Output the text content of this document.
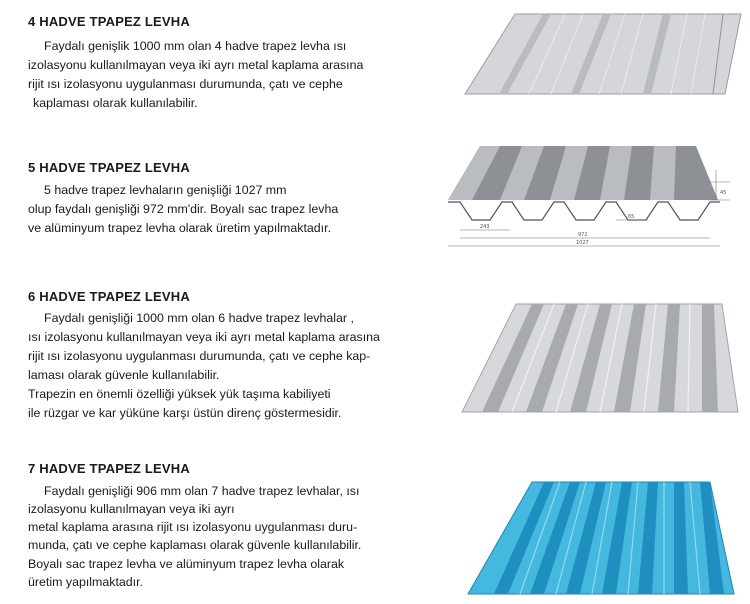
4 HADVE TPAPEZ LEVHA
Faydalı genişlik 1000 mm olan 4 hadve trapez levha ısı
izolasyonu kullanılmayan veya iki ayrı metal kaplama arasına
rijit ısı izolasyonu uygulanması durumunda, çatı ve cephe
kaplaması olarak kullanılabilir.
5 HADVE TPAPEZ LEVHA
5 hadve trapez levhaların genişliği 1027 mm
olup faydalı genişliği 972 mm'dir. Boyalı sac trapez levha
ve alüminyum trapez levha olarak üretim yapılmaktadır.
6 HADVE TPAPEZ LEVHA
Faydalı genişliği 1000 mm olan 6 hadve trapez levhalar ,
ısı izolasyonu kullanılmayan veya iki ayrı metal kaplama arasına
rijit ısı izolasyonu uygulanması durumunda, çatı ve cephe kap-
laması olarak güvenle kullanılabilir.
Trapezin en önemli özelliği yüksek yük taşıma kabiliyeti
ile rüzgar ve kar yüküne karşı üstün direnç göstermesidir.
7 HADVE TPAPEZ LEVHA
Faydalı genişliği 906 mm olan 7 hadve trapez levhalar, ısı
izolasyonu kullanılmayan veya iki ayrı
metal kaplama arasına rijit ısı izolasyonu uygulanması duru-
munda, çatı ve cephe kaplaması olarak güvenle kullanılabilir.
Boyalı sac trapez levha ve alüminyum trapez levha olarak
üretim yapılmaktadır.
243
65
972
1027
45
